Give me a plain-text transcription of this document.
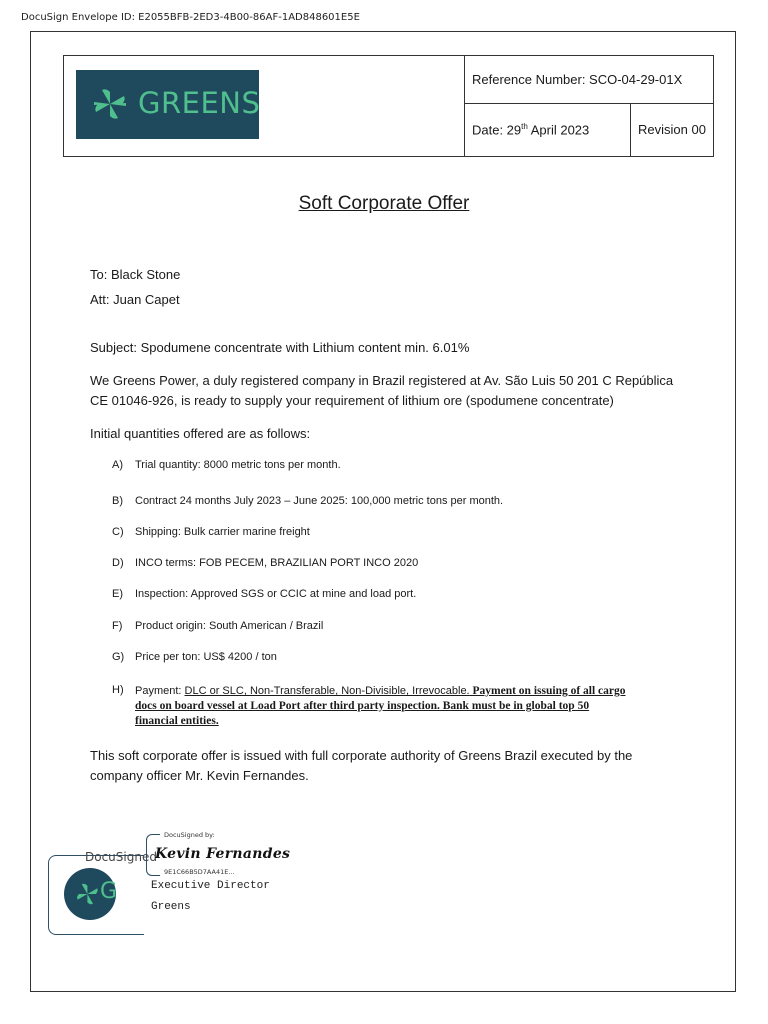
DocuSign Envelope ID: E2055BFB-2ED3-4B00-86AF-1AD848601E5E
GREENS
Reference Number: SCO-04-29-01X
Date: 29th April 2023	Revision 00
Soft Corporate Offer
To: Black Stone
Att: Juan Capet
Subject: Spodumene concentrate with Lithium content min. 6.01%
We Greens Power, a duly registered company in Brazil registered at Av. São Luis 50 201 C República CE 01046-926, is ready to supply your requirement of lithium ore (spodumene concentrate)
Initial quantities offered are as follows:
A) Trial quantity: 8000 metric tons per month.
B) Contract 24 months July 2023 – June 2025: 100,000 metric tons per month.
C) Shipping: Bulk carrier marine freight
D) INCO terms: FOB PECEM, BRAZILIAN PORT INCO 2020
E) Inspection: Approved SGS or CCIC at mine and load port.
F) Product origin: South American / Brazil
G) Price per ton: US$ 4200 / ton
H) Payment: DLC or SLC, Non-Transferable, Non-Divisible, Irrevocable. Payment on issuing of all cargo
docs on board vessel at Load Port after third party inspection. Bank must be in global top 50
financial entities.
This soft corporate offer is issued with full corporate authority of Greens Brazil executed by the company officer Mr. Kevin Fernandes.
DocuSigned
G
DocuSigned by:
Kevin Fernandes
9E1C66B5D7AA41E...
Executive Director
Greens
